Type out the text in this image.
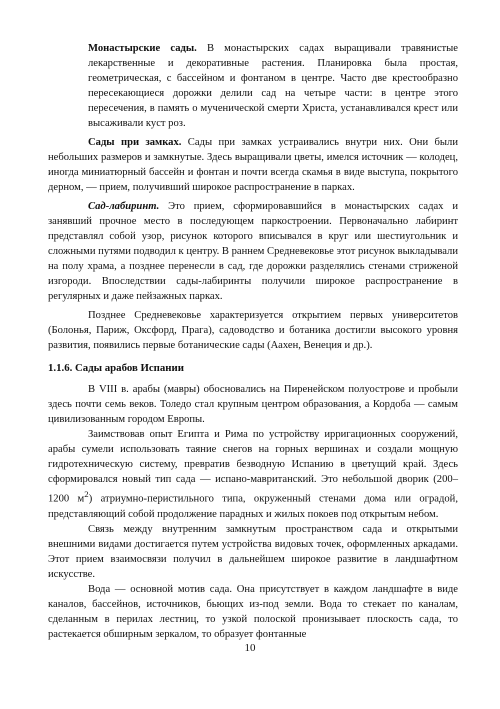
Монастырские сады. В монастырских садах выращивали травянистые лекарственные и декоративные растения. Планировка была простая, геометрическая, с бассейном и фонтаном в центре. Часто две крестообразно пересекающиеся дорожки делили сад на четыре части: в центре этого пересечения, в память о мученической смерти Христа, устанавливался крест или высаживали куст роз.

Сады при замках. Сады при замках устраивались внутри них. Они были небольших размеров и замкнутые. Здесь выращивали цветы, имелся источник — колодец, иногда миниатюрный бассейн и фонтан и почти всегда скамья в виде выступа, покрытого дерном, — прием, получивший широкое распространение в парках.

Сад-лабиринт. Это прием, сформировавшийся в монастырских садах и занявший прочное место в последующем паркостроении. Первоначально лабиринт представлял собой узор, рисунок которого вписывался в круг или шестиугольник и сложными путями подводил к центру. В раннем Средневековье этот рисунок выкладывали на полу храма, а позднее перенесли в сад, где дорожки разделялись стенами стриженой изгороди. Впоследствии сады-лабиринты получили широкое распространение в регулярных и даже пейзажных парках.

Позднее Средневековье характеризуется открытием первых университетов (Болонья, Париж, Оксфорд, Прага), садоводство и ботаника достигли высокого уровня развития, появились первые ботанические сады (Аахен, Венеция и др.).

1.1.6. Сады арабов Испании

В VIII в. арабы (мавры) обосновались на Пиренейском полуострове и пробыли здесь почти семь веков. Толедо стал крупным центром образования, а Кордоба — самым цивилизованным городом Европы.

Заимствовав опыт Египта и Рима по устройству ирригационных сооружений, арабы сумели использовать таяние снегов на горных вершинах и создали мощную гидротехническую систему, превратив безводную Испанию в цветущий край. Здесь сформировался новый тип сада — испано-мавританский. Это небольшой дворик (200–1200 $м^2$) атриумно-перистильного типа, окруженный стенами дома или оградой, представляющий собой продолжение парадных и жилых покоев под открытым небом.

Связь между внутренним замкнутым пространством сада и открытыми внешними видами достигается путем устройства видовых точек, оформленных аркадами. Этот прием взаимосвязи получил в дальнейшем широкое развитие в ландшафтном искусстве.

Вода — основной мотив сада. Она присутствует в каждом ландшафте в виде каналов, бассейнов, источников, бьющих из-под земли. Вода то стекает по каналам, сделанным в перилах лестниц, то узкой полоской пронизывает плоскость сада, то растекается обширным зеркалом, то образует фонтанные

10
